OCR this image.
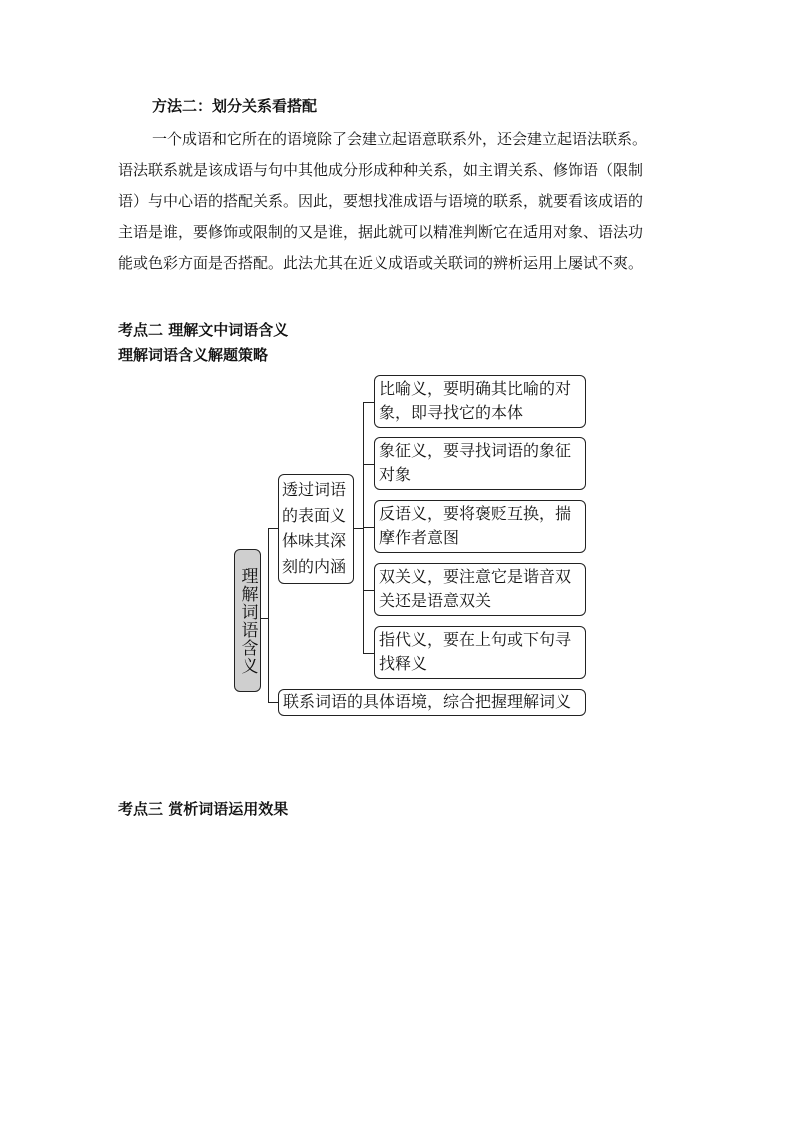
方法二：划分关系看搭配
一个成语和它所在的语境除了会建立起语意联系外，还会建立起语法联系。
语法联系就是该成语与句中其他成分形成种种关系，如主谓关系、修饰语（限制
语）与中心语的搭配关系。因此，要想找准成语与语境的联系，就要看该成语的
主语是谁，要修饰或限制的又是谁，据此就可以精准判断它在适用对象、语法功
能或色彩方面是否搭配。此法尤其在近义成语或关联词的辨析运用上屡试不爽。
考点二 理解文中词语含义
理解词语含义解题策略
理解词语含义
透过词语的表面义体味其深刻的内涵
联系词语的具体语境，综合把握理解词义
比喻义，要明确其比喻的对象，即寻找它的本体
象征义，要寻找词语的象征对象
反语义，要将褒贬互换，揣摩作者意图
双关义，要注意它是谐音双关还是语意双关
指代义，要在上句或下句寻找释义
考点三 赏析词语运用效果
